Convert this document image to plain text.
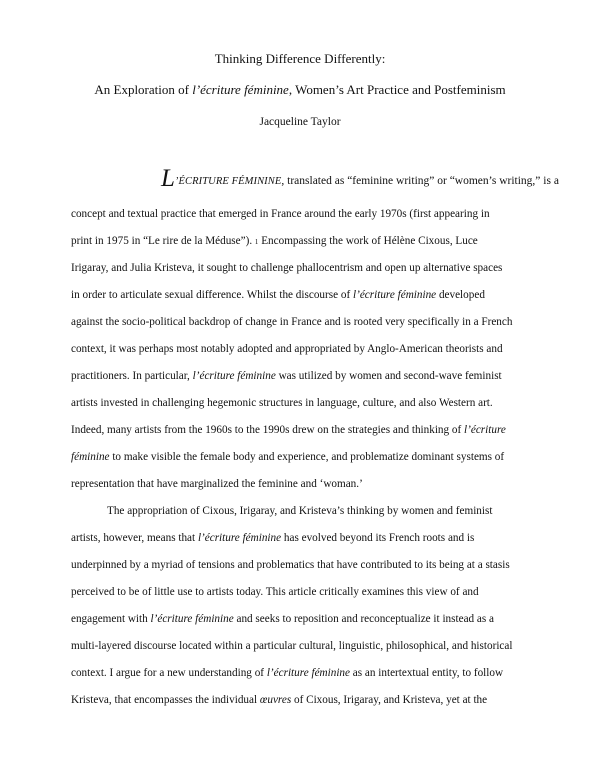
Thinking Difference Differently:
An Exploration of l’écriture féminine, Women’s Art Practice and Postfeminism
Jacqueline Taylor
L’ÉCRITURE FÉMININE, translated as “feminine writing” or “women’s writing,” is a
concept and textual practice that emerged in France around the early 1970s (first appearing in
print in 1975 in “Le rire de la Méduse”). 1 Encompassing the work of Hélène Cixous, Luce
Irigaray, and Julia Kristeva, it sought to challenge phallocentrism and open up alternative spaces
in order to articulate sexual difference. Whilst the discourse of l’écriture féminine developed
against the socio-political backdrop of change in France and is rooted very specifically in a French
context, it was perhaps most notably adopted and appropriated by Anglo-American theorists and
practitioners. In particular, l’écriture féminine was utilized by women and second-wave feminist
artists invested in challenging hegemonic structures in language, culture, and also Western art.
Indeed, many artists from the 1960s to the 1990s drew on the strategies and thinking of l’écriture
féminine to make visible the female body and experience, and problematize dominant systems of
representation that have marginalized the feminine and ‘woman.’
The appropriation of Cixous, Irigaray, and Kristeva’s thinking by women and feminist
artists, however, means that l’écriture féminine has evolved beyond its French roots and is
underpinned by a myriad of tensions and problematics that have contributed to its being at a stasis
perceived to be of little use to artists today. This article critically examines this view of and
engagement with l’écriture féminine and seeks to reposition and reconceptualize it instead as a
multi-layered discourse located within a particular cultural, linguistic, philosophical, and historical
context. I argue for a new understanding of l’écriture féminine as an intertextual entity, to follow
Kristeva, that encompasses the individual œuvres of Cixous, Irigaray, and Kristeva, yet at the
